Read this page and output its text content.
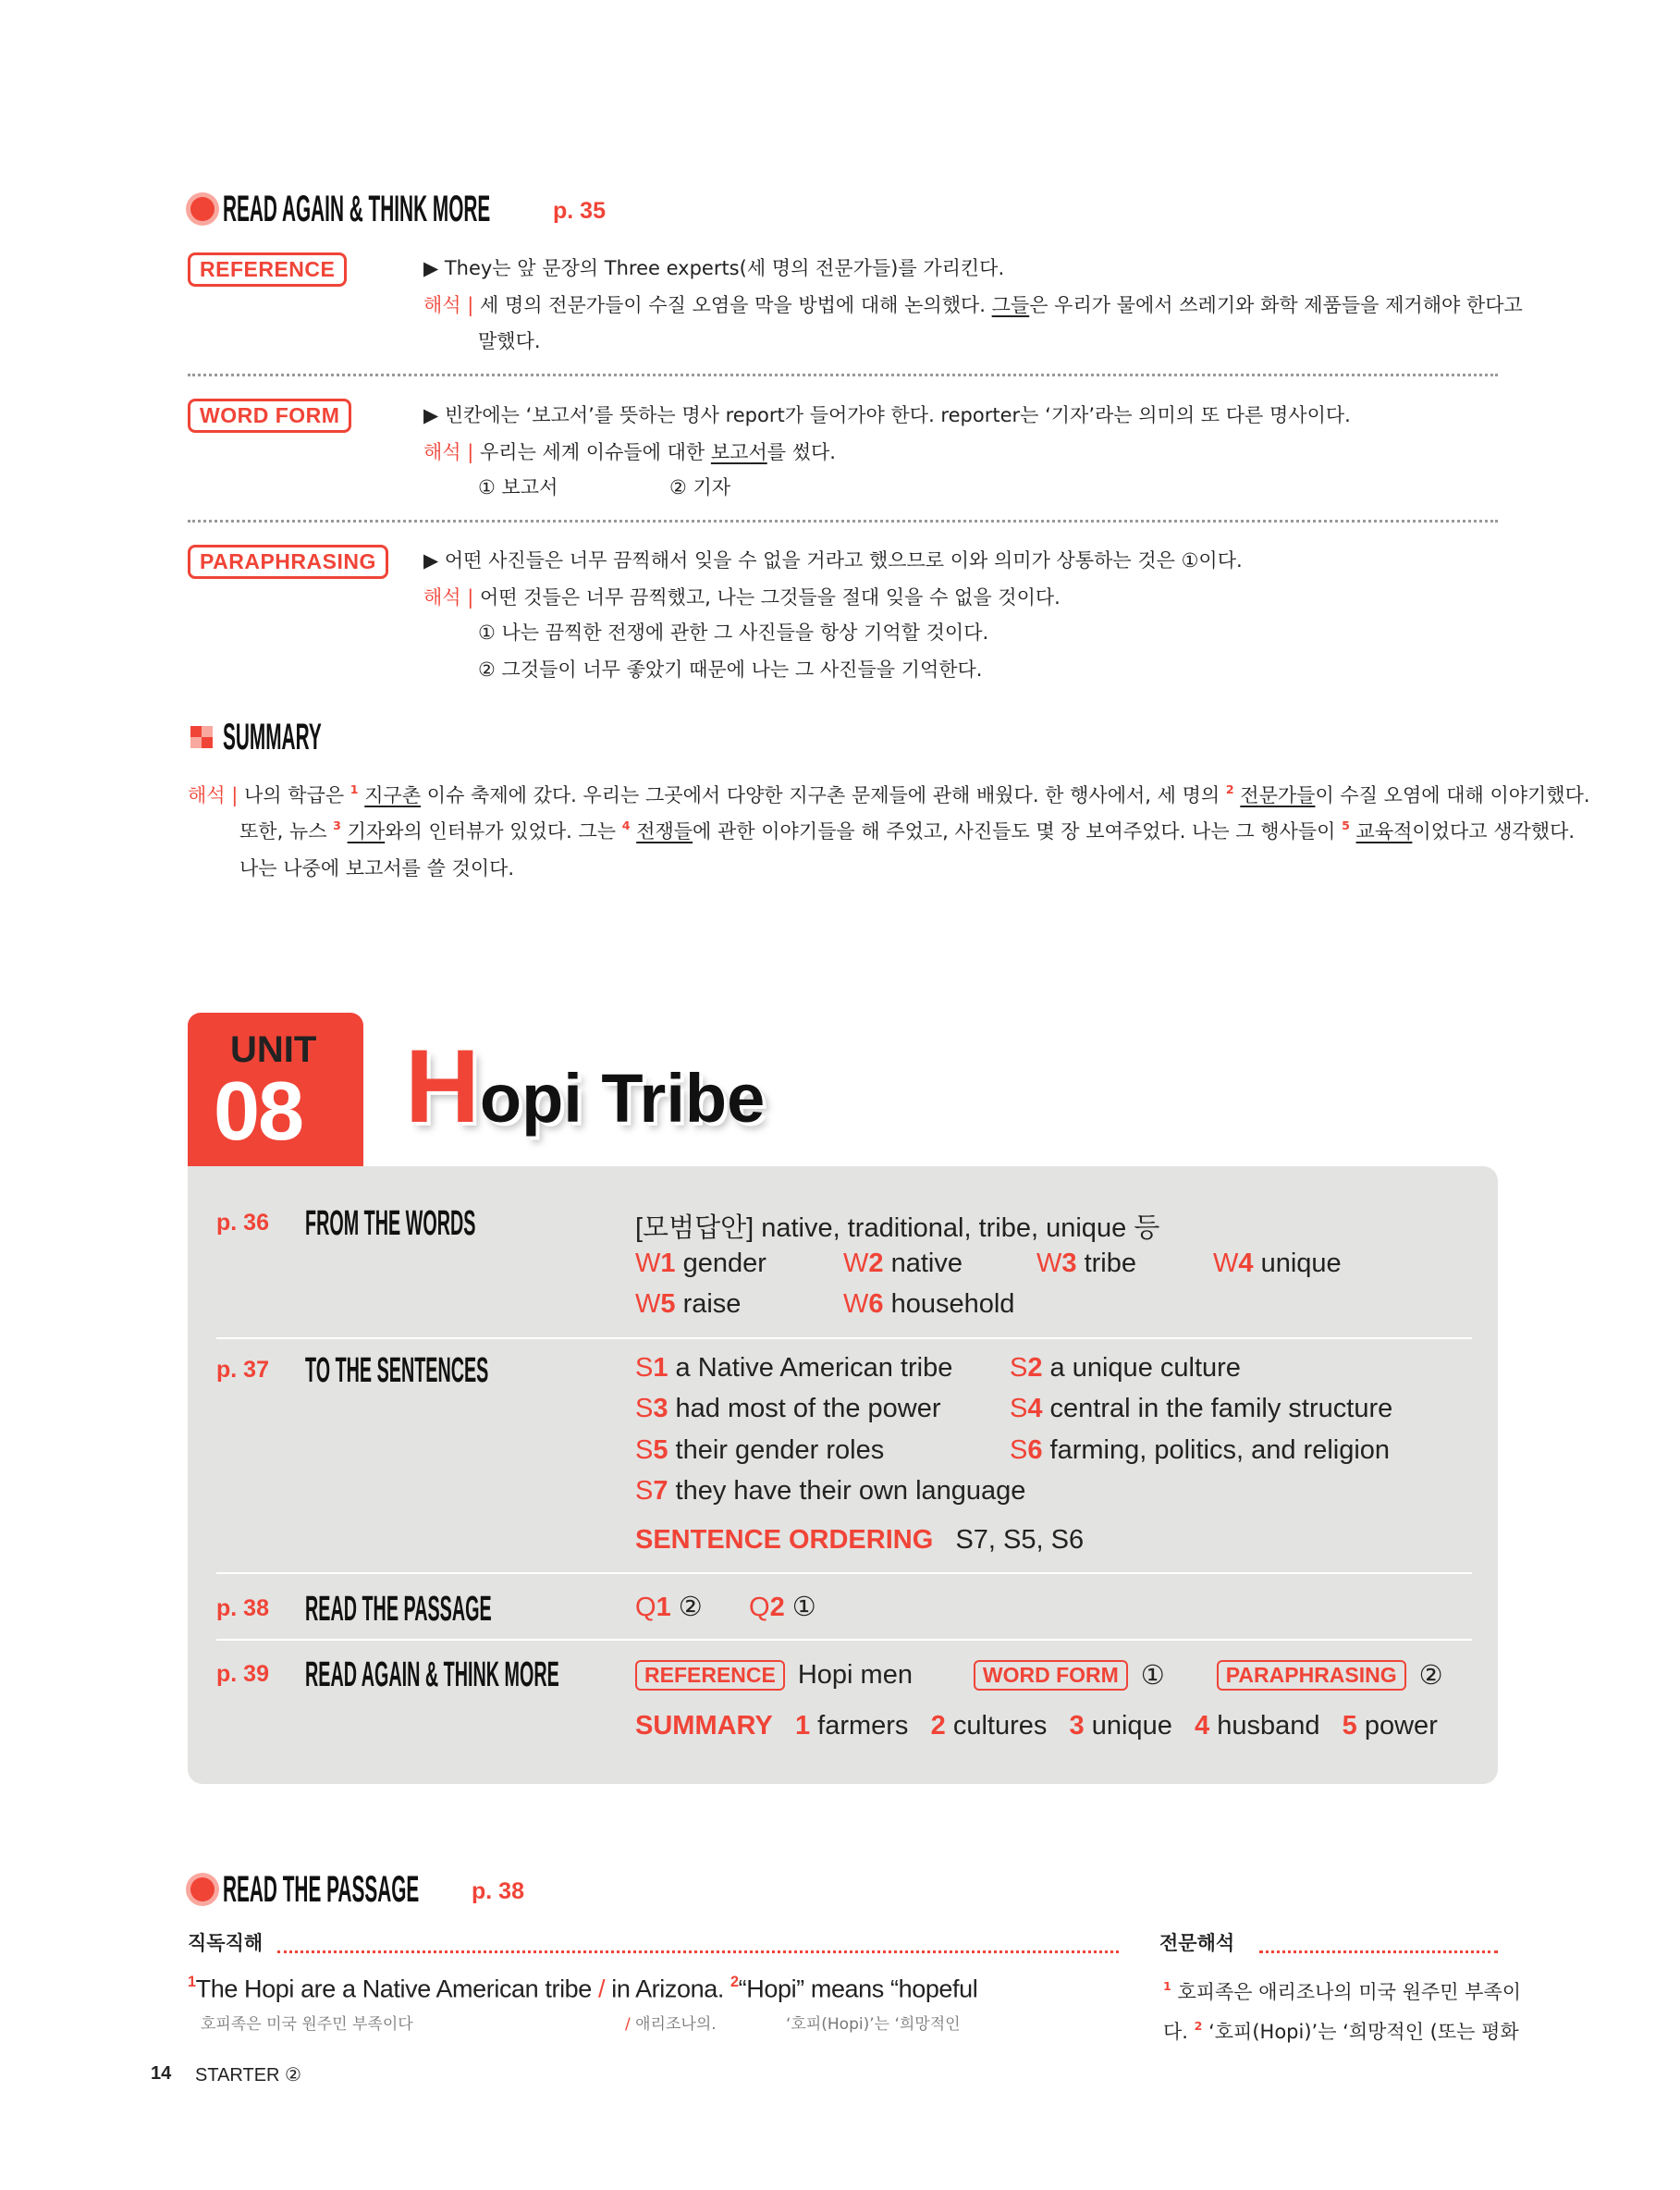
READ AGAIN & THINK MORE	p. 35
REFERENCE	▶ They는 앞 문장의 Three experts(세 명의 전문가들)를 가리킨다.
해석 | 세 명의 전문가들이 수질 오염을 막을 방법에 대해 논의했다. 그들은 우리가 물에서 쓰레기와 화학 제품들을 제거해야 한다고
말했다.
WORD FORM	▶ 빈칸에는 ‘보고서’를 뜻하는 명사 report가 들어가야 한다. reporter는 ‘기자’라는 의미의 또 다른 명사이다.
해석 | 우리는 세계 이슈들에 대한 보고서를 썼다.
① 보고서	② 기자
PARAPHRASING	▶ 어떤 사진들은 너무 끔찍해서 잊을 수 없을 거라고 했으므로 이와 의미가 상통하는 것은 ①이다.
해석 | 어떤 것들은 너무 끔찍했고, 나는 그것들을 절대 잊을 수 없을 것이다.
① 나는 끔찍한 전쟁에 관한 그 사진들을 항상 기억할 것이다.
② 그것들이 너무 좋았기 때문에 나는 그 사진들을 기억한다.
SUMMARY
해석 | 나의 학급은 $^1$ 지구촌 이슈 축제에 갔다. 우리는 그곳에서 다양한 지구촌 문제들에 관해 배웠다. 한 행사에서, 세 명의 $^2$ 전문가들이 수질 오염에 대해 이야기했다.
또한, 뉴스 $^3$ 기자와의 인터뷰가 있었다. 그는 $^4$ 전쟁들에 관한 이야기들을 해 주었고, 사진들도 몇 장 보여주었다. 나는 그 행사들이 $^5$ 교육적이었다고 생각했다.
나는 나중에 보고서를 쓸 것이다.
UNIT
08 Hopi Tribe
p. 36 FROM THE WORDS	[모범답안] native, traditional, tribe, unique 등
W1 gender	W2 native	W3 tribe	W4 unique
W5 raise	W6 household
p. 37 TO THE SENTENCES	S1 a Native American tribe S2 a unique culture
S3 had most of the power	S4 central in the family structure
S5 their gender roles	S6 farming, politics, and religion
S7 they have their own language
SENTENCE ORDERING S7, S5, S6
p. 38 READ THE PASSAGE	Q1 ② Q2 ①
p. 39 READ AGAIN & THINK MORE	REFERENCE Hopi men	WORD FORM ①	PARAPHRASING ②
SUMMARY 1 farmers 2 cultures 3 unique 4 husband 5 power
READ THE PASSAGE	p. 38
직독직해	전문해석
$^1$The Hopi are a Native American tribe / in Arizona. $^2$“Hopi” means “hopeful
호피족은 미국 원주민 부족이다	/ 애리조나의.	‘호피(Hopi)’는 ‘희망적인
$^1$ 호피족은 애리조나의 미국 원주민 부족이
다. $^2$ ‘호피(Hopi)’는 ‘희망적인 (또는 평화
14 STARTER ②
